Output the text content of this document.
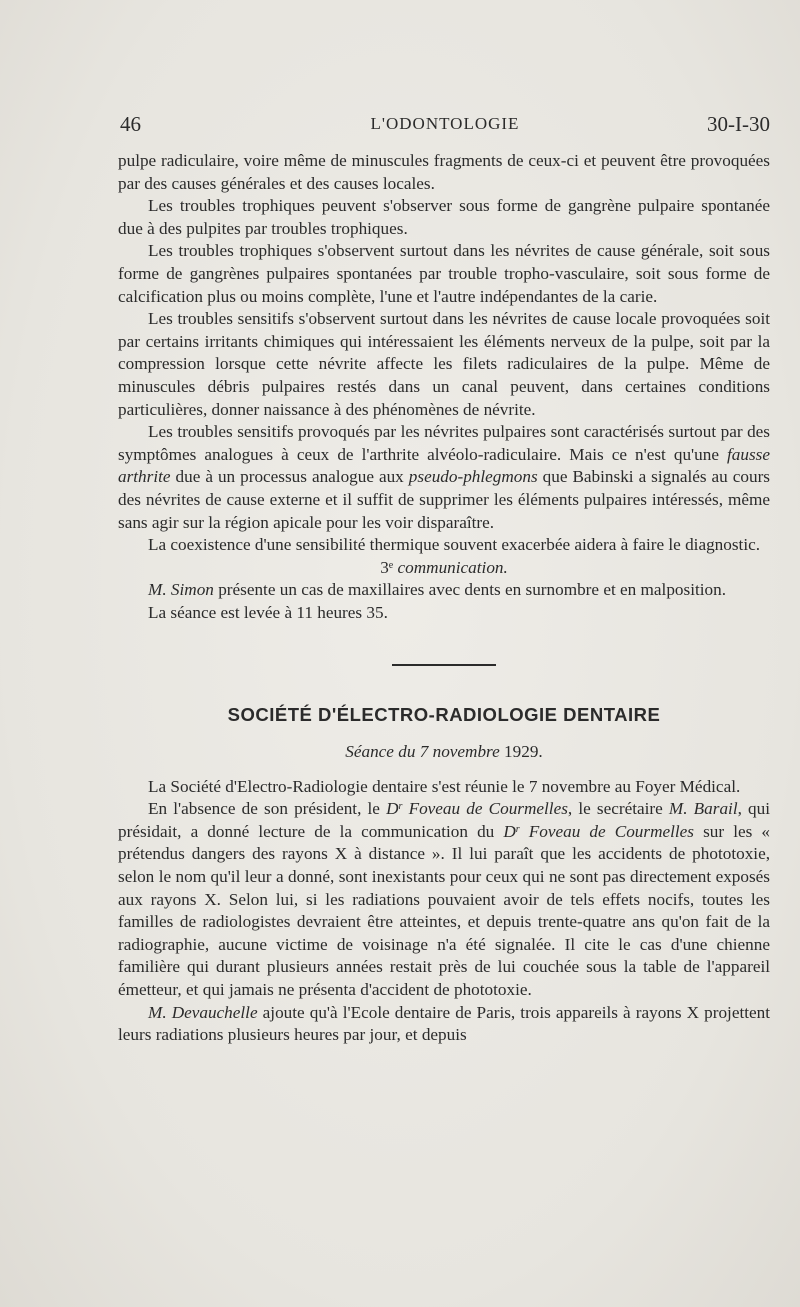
46	L'ODONTOLOGIE	30-I-30

pulpe radiculaire, voire même de minuscules fragments de ceux-ci et peuvent être provoquées par des causes générales et des causes locales.

Les troubles trophiques peuvent s'observer sous forme de gangrène pulpaire spontanée due à des pulpites par troubles trophiques.

Les troubles trophiques s'observent surtout dans les névrites de cause générale, soit sous forme de gangrènes pulpaires spontanées par trouble tropho-vasculaire, soit sous forme de calcification plus ou moins complète, l'une et l'autre indépendantes de la carie.

Les troubles sensitifs s'observent surtout dans les névrites de cause locale provoquées soit par certains irritants chimiques qui intéressaient les éléments nerveux de la pulpe, soit par la compression lorsque cette névrite affecte les filets radiculaires de la pulpe. Même de minuscules débris pulpaires restés dans un canal peuvent, dans certaines conditions particulières, donner naissance à des phénomènes de névrite.

Les troubles sensitifs provoqués par les névrites pulpaires sont caractérisés surtout par des symptômes analogues à ceux de l'arthrite alvéolo-radiculaire. Mais ce n'est qu'une fausse arthrite due à un processus analogue aux pseudo-phlegmons que Babinski a signalés au cours des névrites de cause externe et il suffit de supprimer les éléments pulpaires intéressés, même sans agir sur la région apicale pour les voir disparaître.

La coexistence d'une sensibilité thermique souvent exacerbée aidera à faire le diagnostic.

3e communication.

M. Simon présente un cas de maxillaires avec dents en surnombre et en malposition.

La séance est levée à 11 heures 35.

SOCIÉTÉ D'ÉLECTRO-RADIOLOGIE DENTAIRE
Séance du 7 novembre 1929.

La Société d'Electro-Radiologie dentaire s'est réunie le 7 novembre au Foyer Médical.

En l'absence de son président, le $D^r$ Foveau de Courmelles, le secrétaire M. Barail, qui présidait, a donné lecture de la communication du $D^r$ Foveau de Courmelles sur les « prétendus dangers des rayons X à distance ». Il lui paraît que les accidents de phototoxie, selon le nom qu'il leur a donné, sont inexistants pour ceux qui ne sont pas directement exposés aux rayons X. Selon lui, si les radiations pouvaient avoir de tels effets nocifs, toutes les familles de radiologistes devraient être atteintes, et depuis trente-quatre ans qu'on fait de la radiographie, aucune victime de voisinage n'a été signalée. Il cite le cas d'une chienne familière qui durant plusieurs années restait près de lui couchée sous la table de l'appareil émetteur, et qui jamais ne présenta d'accident de phototoxie.

M. Devauchelle ajoute qu'à l'Ecole dentaire de Paris, trois appareils à rayons X projettent leurs radiations plusieurs heures par jour, et depuis
